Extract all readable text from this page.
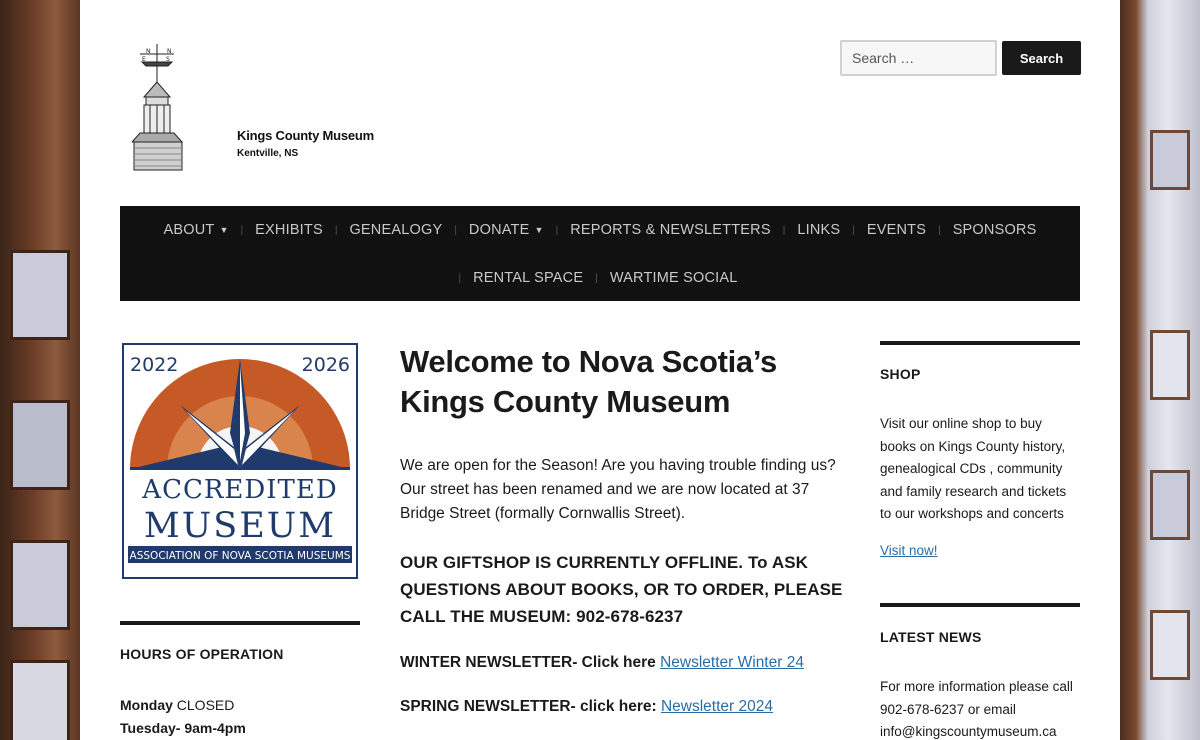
N	N
E	S
Kings County Museum
Kentville, NS
Search …
Search
ABOUT ▼	| EXHIBITS	| GENEALOGY	| DONATE ▼	| REPORTS & NEWSLETTERS	| LINKS	| EVENTS	| SPONSORS
| RENTAL SPACE	| WARTIME SOCIAL
2022	2026
ACCREDITED
MUSEUM
ASSOCIATION OF NOVA SCOTIA MUSEUMS
HOURS OF OPERATION
Monday CLOSED
Tuesday- 9am-4pm
Welcome to Nova Scotia’s Kings County Museum

We are open for the Season! Are you having trouble finding us? Our street has been renamed and we are now located at 37 Bridge Street (formally Cornwallis Street).

OUR GIFTSHOP IS CURRENTLY OFFLINE. To ASK QUESTIONS ABOUT BOOKS, OR TO ORDER, PLEASE CALL THE MUSEUM: 902-678-6237

WINTER NEWSLETTER- Click here Newsletter Winter 24
SPRING NEWSLETTER- click here: Newsletter 2024
SHOP
Visit our online shop to buy books on Kings County history, genealogical CDs , community and family research and tickets to our workshops and concerts
Visit now!
LATEST NEWS
For more information please call 902-678-6237 or email info@kingscountymuseum.ca
